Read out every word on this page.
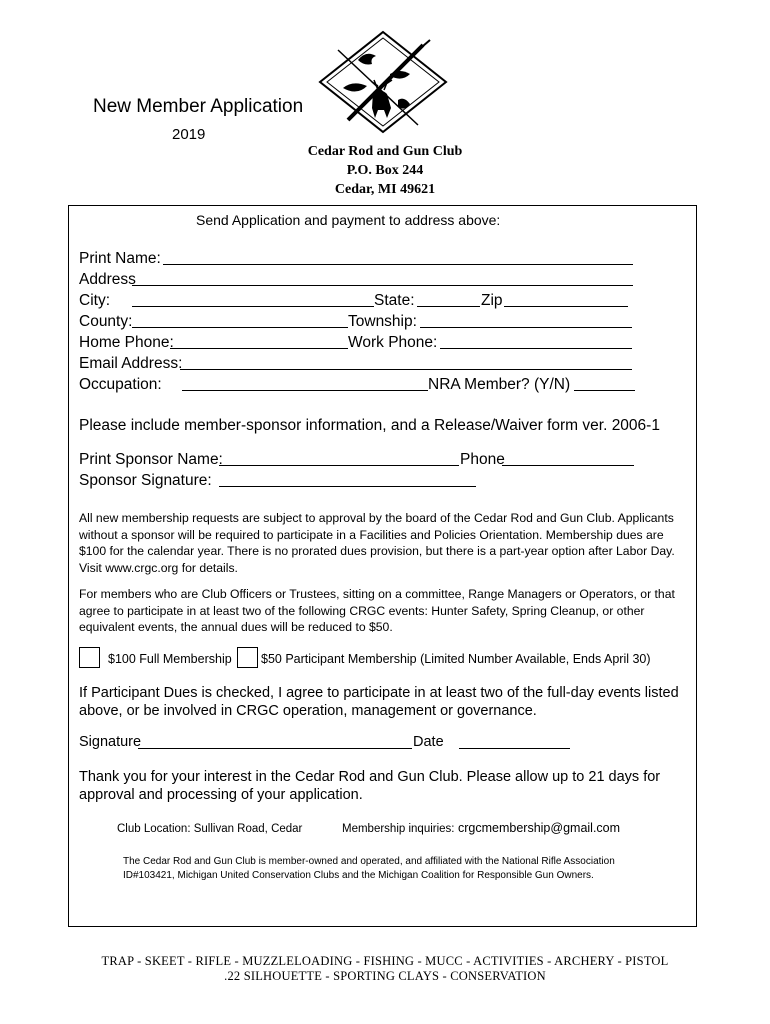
New Member Application
2019
Cedar Rod and Gun Club
P.O. Box 244
Cedar, MI 49621
Send Application and payment to address above:
Print Name:
Address
City:	State:	Zip
County:	Township:
Home Phone:	Work Phone:
Email Address:
Occupation:	NRA Member? (Y/N)
Please include member-sponsor information, and a Release/Waiver form ver. 2006-1
Print Sponsor Name:	Phone
Sponsor Signature:
All new membership requests are subject to approval by the board of the Cedar Rod and Gun Club. Applicants without a sponsor will be required to participate in a Facilities and Policies Orientation. Membership dues are $100 for the calendar year. There is no prorated dues provision, but there is a part-year option after Labor Day. Visit www.crgc.org for details.
For members who are Club Officers or Trustees, sitting on a committee, Range Managers or Operators, or that agree to participate in at least two of the following CRGC events: Hunter Safety, Spring Cleanup, or other equivalent events, the annual dues will be reduced to $50.
$100 Full Membership $50 Participant Membership (Limited Number Available, Ends April 30)
If Participant Dues is checked, I agree to participate in at least two of the full-day events listed above, or be involved in CRGC operation, management or governance.
Signature	Date
Thank you for your interest in the Cedar Rod and Gun Club. Please allow up to 21 days for approval and processing of your application.
Club Location: Sullivan Road, Cedar	Membership inquiries: crgcmembership@gmail.com
The Cedar Rod and Gun Club is member-owned and operated, and affiliated with the National Rifle Association ID#103421, Michigan United Conservation Clubs and the Michigan Coalition for Responsible Gun Owners.
TRAP - SKEET - RIFLE - MUZZLELOADING - FISHING - MUCC - ACTIVITIES - ARCHERY - PISTOL
.22 SILHOUETTE - SPORTING CLAYS - CONSERVATION
